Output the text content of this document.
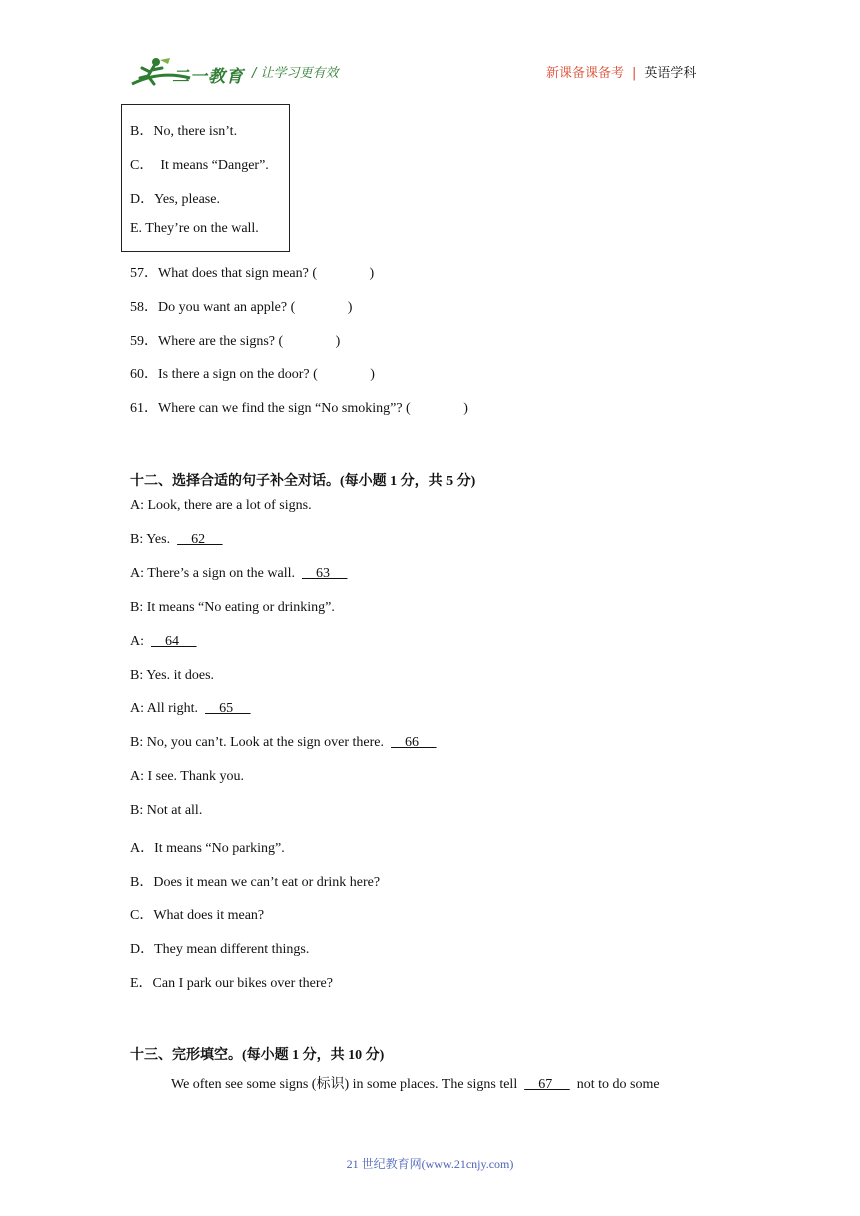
二一教育 / 让学习更有效	新课备课备考 | 英语学科
B．No, there isn’t.
C．  It means “Danger”.
D．Yes, please.
E. They’re on the wall.
57．What does that sign mean? (               )
58．Do you want an apple? (               )
59．Where are the signs? (               )
60．Is there a sign on the door? (               )
61．Where can we find the sign “No smoking”? (               )
十二、选择合适的句子补全对话。(每小题 1 分，共 5 分)
A: Look, there are a lot of signs.
B: Yes.      62
A: There’s a sign on the wall.      63
B: It means “No eating or drinking”.
A:      64
B: Yes. it does.
A: All right.      65
B: No, you can’t. Look at the sign over there.      66
A: I see. Thank you.
B: Not at all.
A．It means “No parking”.
B．Does it mean we can’t eat or drink here?
C．What does it mean?
D．They mean different things.
E．Can I park our bikes over there?
十三、完形填空。(每小题 1 分，共 10 分)
We often see some signs (标识) in some places. The signs tell      67       not to do some
21 世纪教育网(www.21cnjy.com)
